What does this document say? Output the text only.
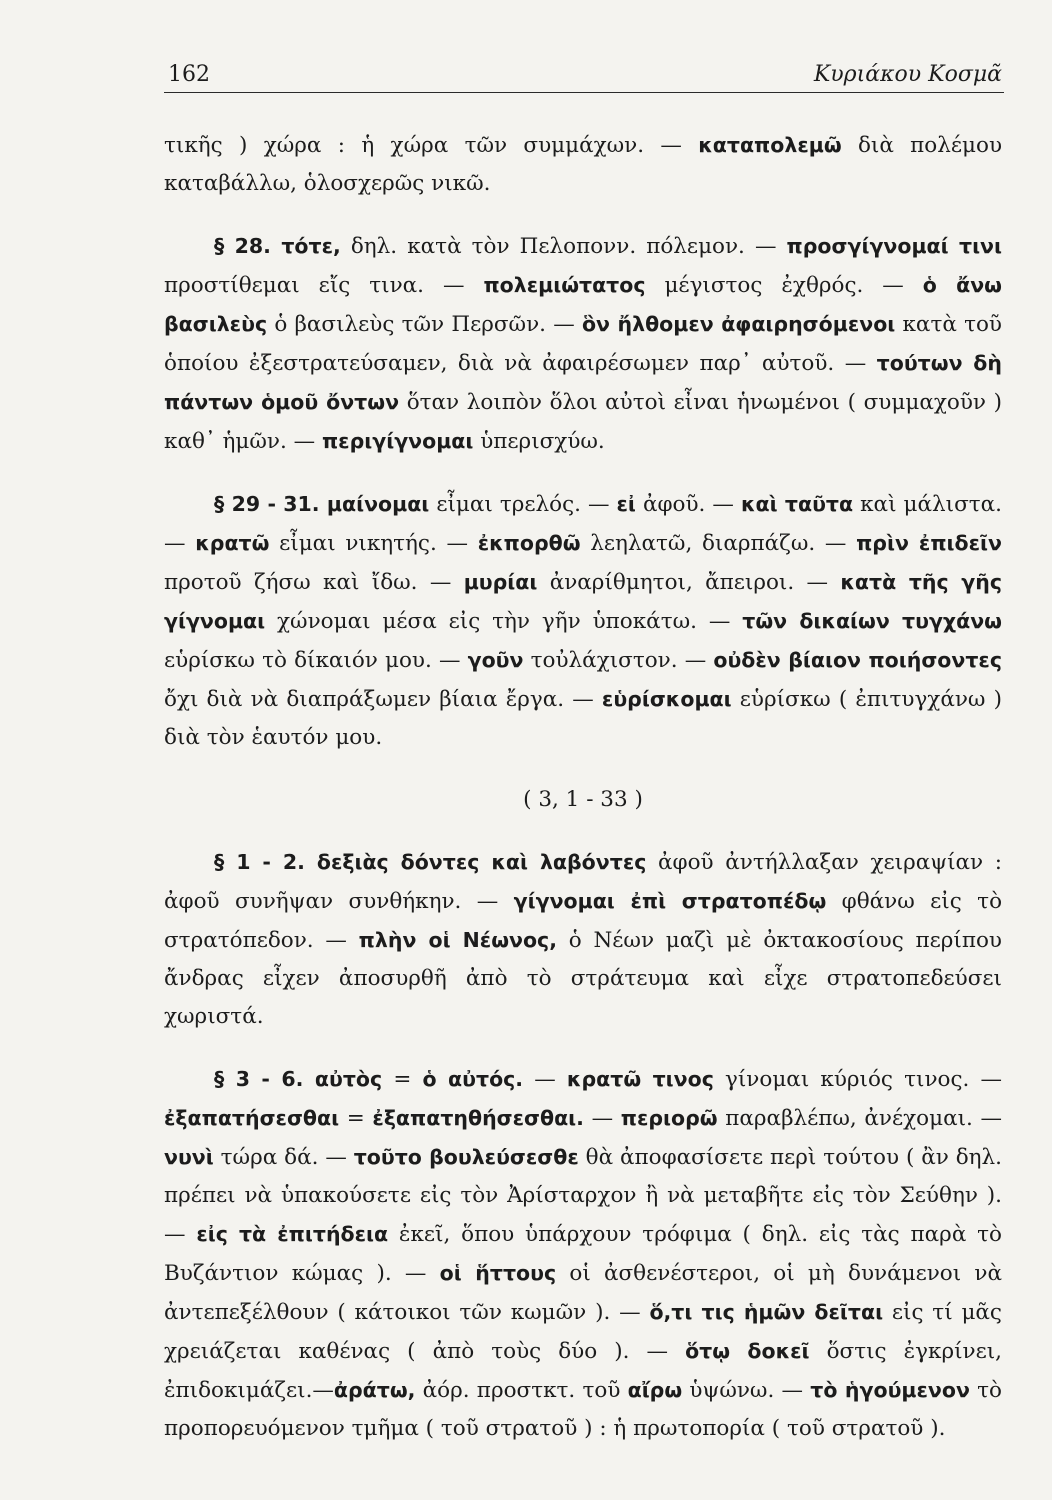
162	Κυριάκου Κοσμᾶ

τικῆς ) χώρα : ἡ χώρα τῶν συμμάχων. — καταπολεμῶ διὰ πολέμου καταβάλλω, ὁλοσχερῶς νικῶ.

§ 28. τότε, δηλ. κατὰ τὸν Πελοπονν. πόλεμον. — προσγίγνομαί τινι προστίθεμαι εἴς τινα. — πολεμιώτατος μέγιστος ἐχθρός. — ὁ ἄνω βασιλεὺς ὁ βασιλεὺς τῶν Περσῶν. — ὃν ἤλθομεν ἀφαιρησόμενοι κατὰ τοῦ ὁποίου ἐξεστρατεύσαμεν, διὰ νὰ ἀφαιρέσωμεν παρ᾽ αὐτοῦ. — τούτων δὴ πάντων ὁμοῦ ὄντων ὅταν λοιπὸν ὅλοι αὐτοὶ εἶναι ἡνωμένοι ( συμμαχοῦν ) καθ᾽ ἡμῶν. — περιγίγνομαι ὑπερισχύω.

§ 29 - 31. μαίνομαι εἶμαι τρελός. — εἰ ἀφοῦ. — καὶ ταῦτα καὶ μάλιστα. — κρατῶ εἶμαι νικητής. — ἐκπορθῶ λεηλατῶ, διαρπάζω. — πρὶν ἐπιδεῖν προτοῦ ζήσω καὶ ἴδω. — μυρίαι ἀναρίθμητοι, ἄπειροι. — κατὰ τῆς γῆς γίγνομαι χώνομαι μέσα εἰς τὴν γῆν ὑποκάτω. — τῶν δικαίων τυγχάνω εὑρίσκω τὸ δίκαιόν μου. — γοῦν τοὐλάχιστον. — οὐδὲν βίαιον ποιήσοντες ὄχι διὰ νὰ διαπράξωμεν βίαια ἔργα. — εὑρίσκομαι εὑρίσκω ( ἐπιτυγχάνω ) διὰ τὸν ἑαυτόν μου.

( 3, 1 - 33 )

§ 1 - 2. δεξιὰς δόντες καὶ λαβόντες ἀφοῦ ἀντήλλαξαν χειραψίαν : ἀφοῦ συνῆψαν συνθήκην. — γίγνομαι ἐπὶ στρατοπέδῳ φθάνω εἰς τὸ στρατόπεδον. — πλὴν οἱ Νέωνος, ὁ Νέων μαζὶ μὲ ὀκτακοσίους περίπου ἄνδρας εἶχεν ἀποσυρθῆ ἀπὸ τὸ στράτευμα καὶ εἶχε στρατοπεδεύσει χωριστά.

§ 3 - 6. αὐτὸς = ὁ αὐτός. — κρατῶ τινος γίνομαι κύριός τινος. — ἐξαπατήσεσθαι = ἐξαπατηθήσεσθαι. — περιορῶ παραβλέπω, ἀνέχομαι. — νυνὶ τώρα δά. — τοῦτο βουλεύσεσθε θὰ ἀποφασίσετε περὶ τούτου ( ἂν δηλ. πρέπει νὰ ὑπακούσετε εἰς τὸν Ἀρίσταρχον ἢ νὰ μεταβῆτε εἰς τὸν Σεύθην ). — εἰς τὰ ἐπιτήδεια ἐκεῖ, ὅπου ὑπάρχουν τρόφιμα ( δηλ. εἰς τὰς παρὰ τὸ Βυζάντιον κώμας ). — οἱ ἥττους οἱ ἀσθενέστεροι, οἱ μὴ δυνάμενοι νὰ ἀντεπεξέλθουν ( κάτοικοι τῶν κωμῶν ). — ὅ,τι τις ἡμῶν δεῖται εἰς τί μᾶς χρειάζεται καθένας ( ἀπὸ τοὺς δύο ). — ὅτῳ δοκεῖ ὅστις ἐγκρίνει, ἐπιδοκιμάζει.—ἀράτω, ἀόρ. προστκτ. τοῦ αἴρω ὑψώνω. — τὸ ἡγούμενον τὸ προπορευόμενον τμῆμα ( τοῦ στρατοῦ ) : ἡ πρωτοπορία ( τοῦ στρατοῦ ).
